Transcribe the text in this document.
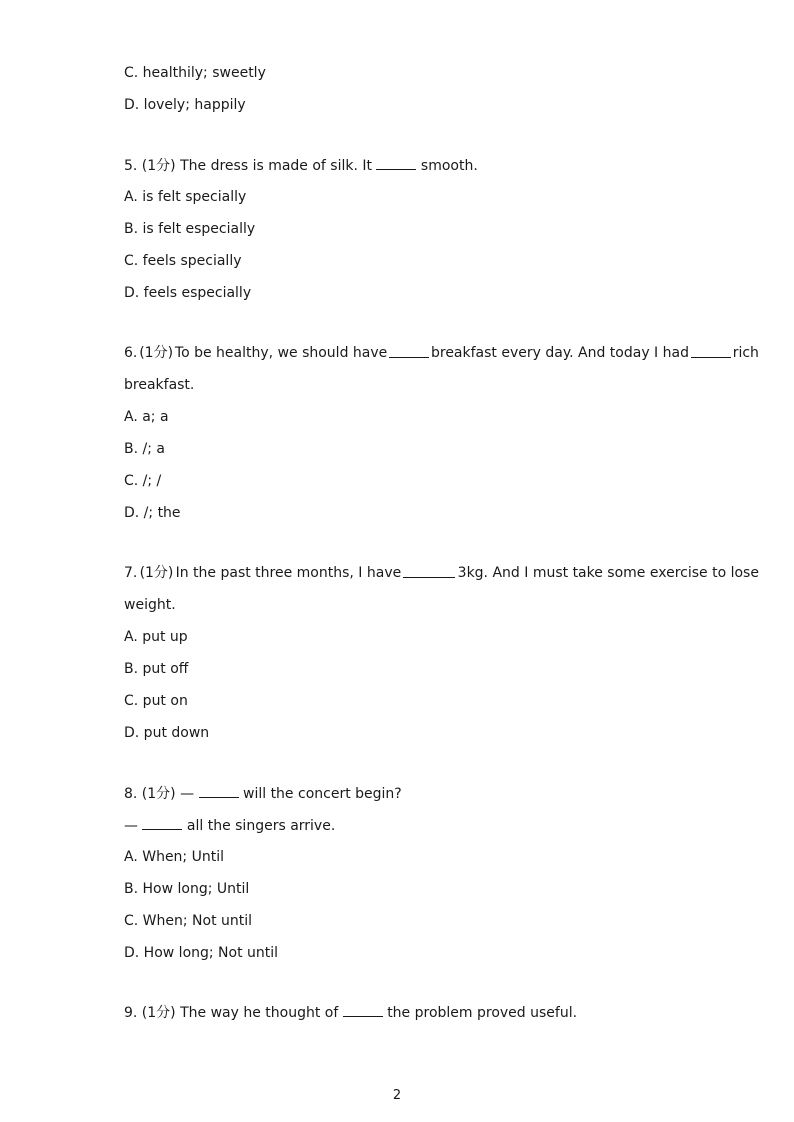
C. healthily; sweetly
D. lovely; happily
5. (1分) The dress is made of silk. It	smooth.
A. is felt specially
B. is felt especially
C. feels specially
D. feels especially
6. (1分) To be healthy, we should have	breakfast every day. And today I had	rich
breakfast.
A. a; a
B. /; a
C. /; /
D. /; the
7. (1分) In the past three months, I have	3kg. And I must take some exercise to lose
weight.
A. put up
B. put off
C. put on
D. put down
8. (1分) —	will the concert begin?
—	all the singers arrive.
A. When; Until
B. How long; Until
C. When; Not until
D. How long; Not until
9. (1分) The way he thought of	the problem proved useful.
2
